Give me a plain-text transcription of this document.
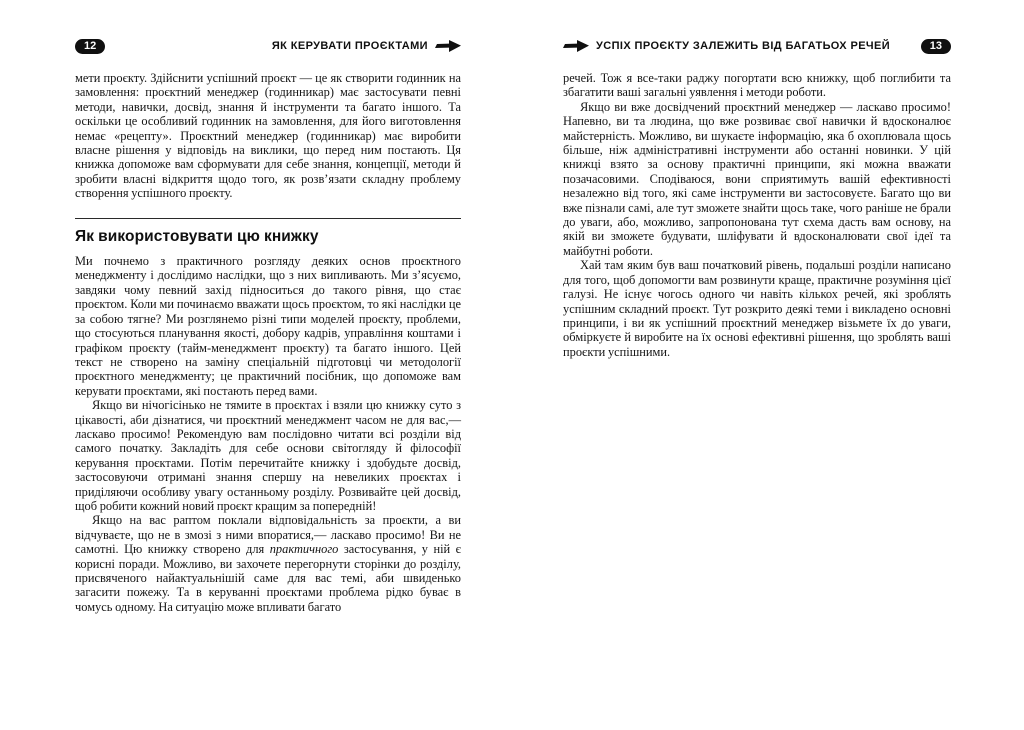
12	ЯК КЕРУВАТИ ПРОЄКТАМИ

мети проєкту. Здійснити успішний проєкт — це як створити годинник на замовлення: проєктний менеджер (годинникар) має застосувати певні методи, навички, досвід, знання й інструменти та багато іншого. Та оскільки це особливий годинник на замовлення, для його виготовлення немає «рецепту». Проєктний менеджер (годинникар) має виробити власне рішення у відповідь на виклики, що перед ним постають. Ця книжка допоможе вам сформувати для себе знання, концепції, методи й зробити власні відкриття щодо того, як розв’язати складну проблему створення успішного проєкту.

Як використовувати цю книжку

Ми почнемо з практичного розгляду деяких основ проєктного менеджменту і дослідимо наслідки, що з них випливають. Ми з’ясуємо, завдяки чому певний захід підноситься до такого рівня, що стає проєктом. Коли ми починаємо вважати щось проєктом, то які наслідки це за собою тягне? Ми розглянемо різні типи моделей проєкту, проблеми, що стосуються планування якості, добору кадрів, управління коштами і графіком проєкту (тайм-менеджмент проєкту) та багато іншого. Цей текст не створено на заміну спеціальній підготовці чи методології проєктного менеджменту; це практичний посібник, що допоможе вам керувати проєктами, які постають перед вами.

Якщо ви нічогісінько не тямите в проєктах і взяли цю книжку суто з цікавості, аби дізнатися, чи проєктний менеджмент часом не для вас,— ласкаво просимо! Рекомендую вам послідовно читати всі розділи від самого початку. Закладіть для себе основи світогляду й філософії керування проєктами. Потім перечитайте книжку і здобудьте досвід, застосовуючи отримані знання спершу на невеликих проєктах і приділяючи особливу увагу останньому розділу. Розвивайте цей досвід, щоб робити кожний новий проєкт кращим за попередній!

Якщо на вас раптом поклали відповідальність за проєкти, а ви відчуваєте, що не в змозі з ними впоратися,— ласкаво просимо! Ви не самотні. Цю книжку створено для практичного застосування, у ній є корисні поради. Можливо, ви захочете перегорнути сторінки до розділу, присвяченого найактуальнішій саме для вас темі, аби швиденько загасити пожежу. Та в керуванні проєктами проблема рідко буває в чомусь одному. На ситуацію може впливати багато

УСПІХ ПРОЄКТУ ЗАЛЕЖИТЬ ВІД БАГАТЬОХ РЕЧЕЙ	13

речей. Тож я все-таки раджу погортати всю книжку, щоб поглибити та збагатити ваші загальні уявлення і методи роботи.

Якщо ви вже досвідчений проєктний менеджер — ласкаво просимо! Напевно, ви та людина, що вже розвиває свої навички й вдосконалює майстерність. Можливо, ви шукаєте інформацію, яка б охоплювала щось більше, ніж адміністративні інструменти або останні новинки. У цій книжці взято за основу практичні принципи, які можна вважати позачасовими. Сподіваюся, вони сприятимуть вашій ефективності незалежно від того, які саме інструменти ви застосовуєте. Багато що ви вже пізнали самі, але тут зможете знайти щось таке, чого раніше не брали до уваги, або, можливо, запропонована тут схема дасть вам основу, на якій ви зможете будувати, шліфувати й вдосконалювати свої ідеї та майбутні роботи.

Хай там яким був ваш початковий рівень, подальші розділи написано для того, щоб допомогти вам розвинути краще, практичне розуміння цієї галузі. Не існує чогось одного чи навіть кількох речей, які зроблять успішним складний проєкт. Тут розкрито деякі теми і викладено основні принципи, і ви як успішний проєктний менеджер візьмете їх до уваги, обміркуєте й виробите на їх основі ефективні рішення, що зроблять ваші проєкти успішними.
